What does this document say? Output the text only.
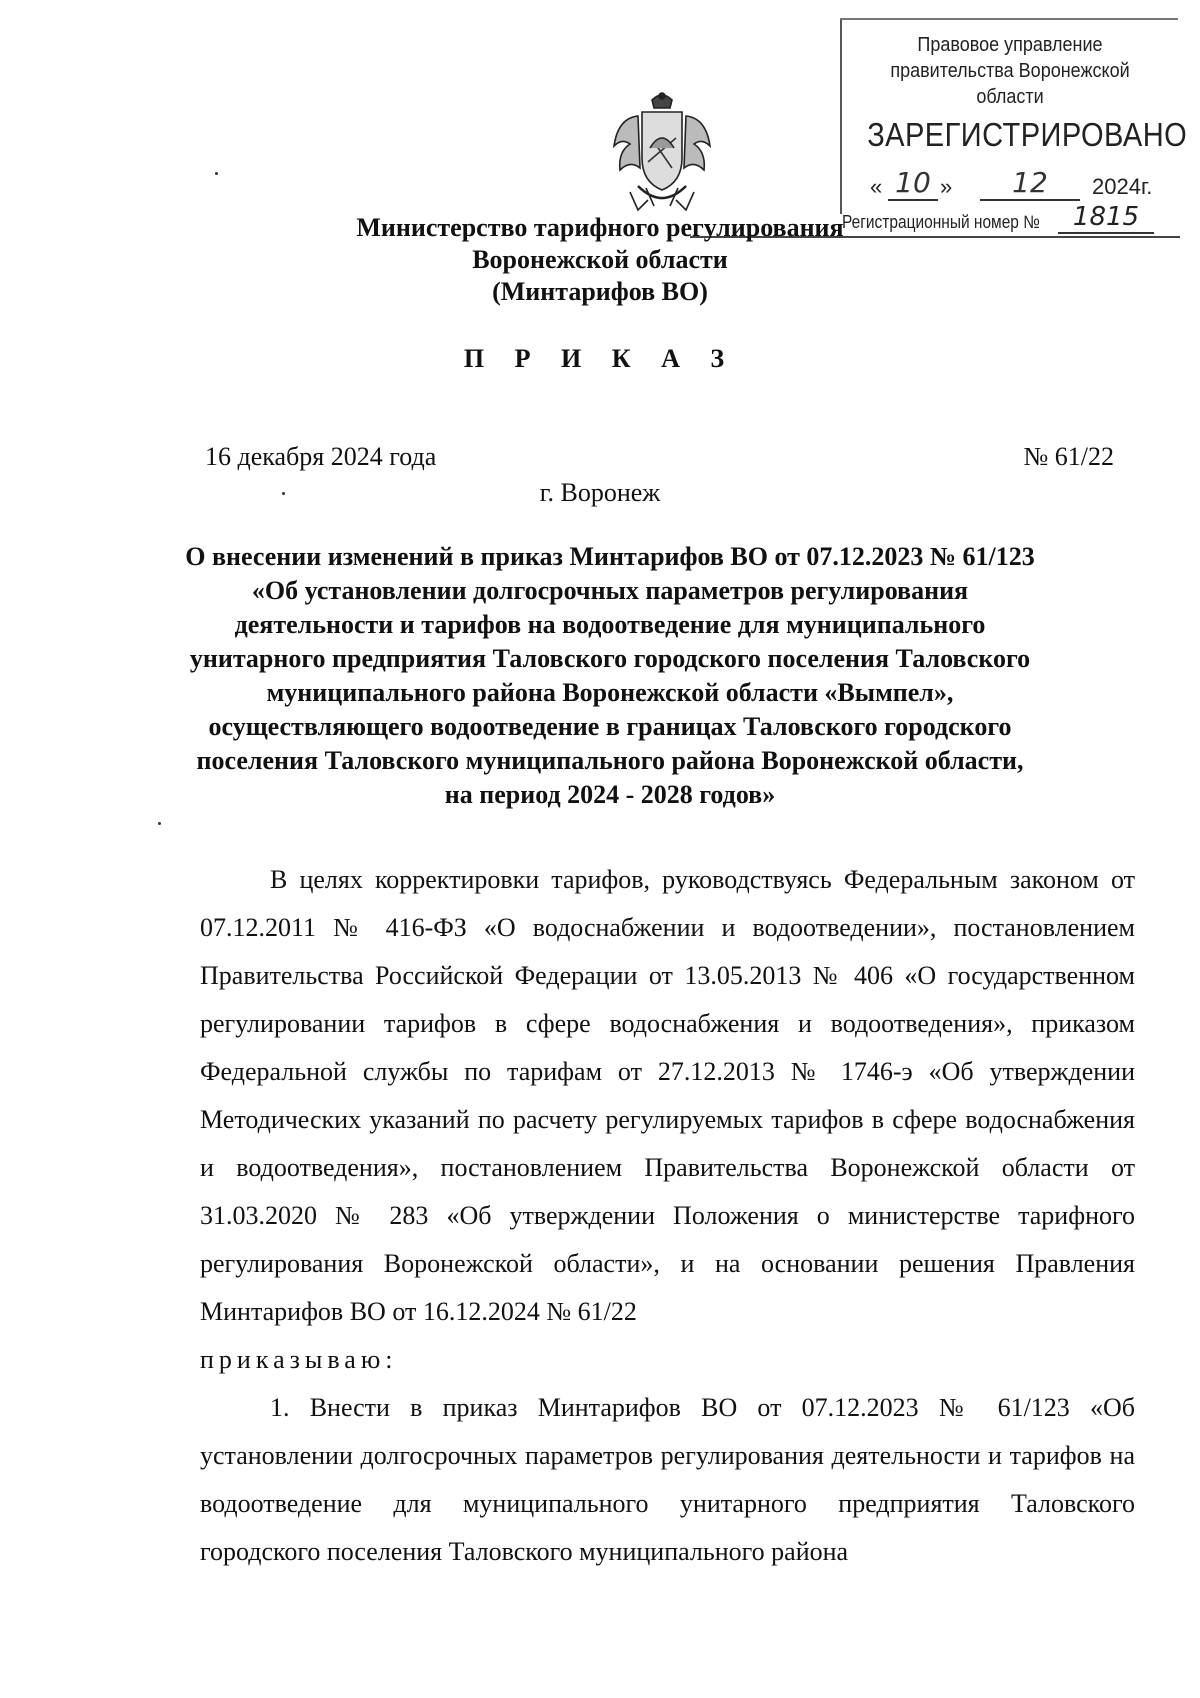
Правовое управление правительства Воронежской области
ЗАРЕГИСТРИРОВАНО
« 10 »	12	2024г.
Регистрационный номер №	1815
Министерство тарифного регулирования
Воронежской области
(Минтарифов ВО)
П Р И К А З
16 декабря 2024 года	№ 61/22
г. Воронеж
О внесении изменений в приказ Минтарифов ВО от 07.12.2023 № 61/123 «Об установлении долгосрочных параметров регулирования деятельности и тарифов на водоотведение для муниципального унитарного предприятия Таловского городского поселения Таловского муниципального района Воронежской области «Вымпел», осуществляющего водоотведение в границах Таловского городского поселения Таловского муниципального района Воронежской области, на период 2024 - 2028 годов»

В целях корректировки тарифов, руководствуясь Федеральным законом от 07.12.2011 № 416-ФЗ «О водоснабжении и водоотведении», постановлением Правительства Российской Федерации от 13.05.2013 № 406 «О государственном регулировании тарифов в сфере водоснабжения и водоотведения», приказом Федеральной службы по тарифам от 27.12.2013 № 1746-э «Об утверждении Методических указаний по расчету регулируемых тарифов в сфере водоснабжения и водоотведения», постановлением Правительства Воронежской области от 31.03.2020 № 283 «Об утверждении Положения о министерстве тарифного регулирования Воронежской области», и на основании решения Правления Минтарифов ВО от 16.12.2024 № 61/22

приказываю:

1. Внести в приказ Минтарифов ВО от 07.12.2023 № 61/123 «Об установлении долгосрочных параметров регулирования деятельности и тарифов на водоотведение для муниципального унитарного предприятия Таловского городского поселения Таловского муниципального района
